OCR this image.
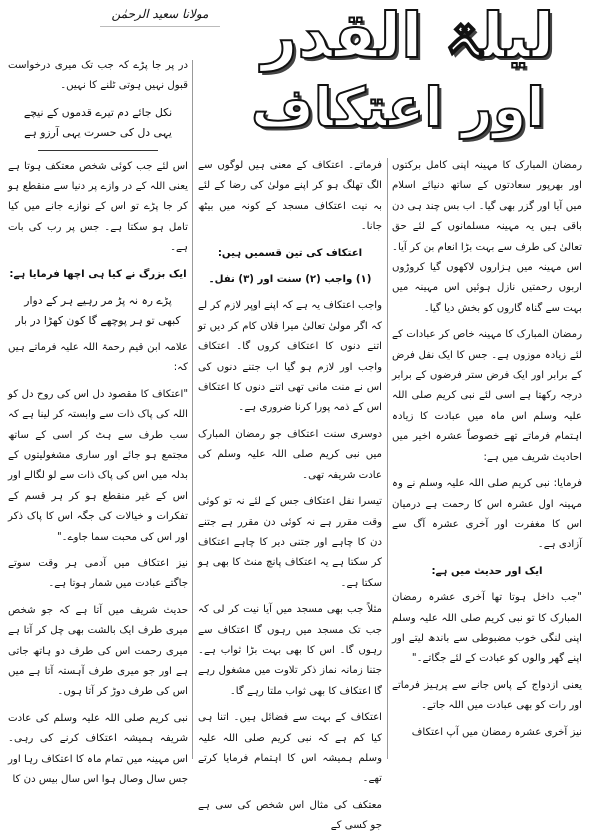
مولانا سعید الرحمٰن لیلۃ القدر
اور اعتکاف

رمضان المبارک کا مہینہ اپنی کامل برکتوں اور بھرپور سعادتوں کے ساتھ دنیائے اسلام میں آیا اور گزر بھی گیا۔ اب بس چند ہی دن باقی ہیں یہ مہینہ مسلمانوں کے لئے حق تعالیٰ کی طرف سے بہت بڑا انعام بن کر آیا۔ اس مہینہ میں ہزاروں لاکھوں گیا کروڑوں اربوں رحمتیں نازل ہوئیں اس مہینہ میں بہت سے گناہ گاروں کو بخش دیا گیا۔

رمضان المبارک کا مہینہ خاص کر عبادات کے لئے زیادہ موزوں ہے۔ جس کا ایک نفل فرض کے برابر اور ایک فرض ستر فرضوں کے برابر درجہ رکھتا ہے اسی لئے نبی کریم صلی اللہ علیہ وسلم اس ماہ میں عبادت کا زیادہ اہتمام فرماتے تھے خصوصاً عشرہ اخیر میں احادیث شریف میں ہے:

فرمایا: نبی کریم صلی اللہ علیہ وسلم نے وہ مہینہ اول عشرہ اس کا رحمت ہے درمیان اس کا مغفرت اور آخری عشرہ آگ سے آزادی ہے۔

ایک اور حدیث میں ہے:

"جب داخل ہوتا تھا آخری عشرہ رمضان المبارک کا تو نبی کریم صلی اللہ علیہ وسلم اپنی لنگی خوب مضبوطی سے باندھ لیتے اور اپنے گھر والوں کو عبادت کے لئے جگاتے۔"

یعنی ازدواج کے پاس جانے سے پرہیز فرماتے اور رات کو بھی عبادت میں اللہ جاتے۔

نیز آخری عشرہ رمضان میں آپ اعتکاف

فرماتے۔ اعتکاف کے معنی ہیں لوگوں سے الگ تھلگ ہو کر اپنے مولیٰ کی رضا کے لئے بہ نیت اعتکاف مسجد کے کونہ میں بیٹھ جانا۔

اعتکاف کی تین قسمیں ہیں:

(۱) واجب (۲) سنت اور (۳) نفل۔

واجب اعتکاف یہ ہے کہ اپنے اوپر لازم کر لے کہ اگر مولیٰ تعالیٰ میرا فلاں کام کر دیں تو اتنے دنوں کا اعتکاف کروں گا۔ اعتکاف واجب اور لازم ہو گیا اب جتنے دنوں کی اس نے منت مانی تھی اتنے دنوں کا اعتکاف اس کے ذمہ پورا کرنا ضروری ہے۔

دوسری سنت اعتکاف جو رمضان المبارک میں نبی کریم صلی اللہ علیہ وسلم کی عادت شریفہ تھی۔

تیسرا نفل اعتکاف جس کے لئے نہ تو کوئی وقت مقرر ہے نہ کوئی دن مقرر ہے جتنے دن کا چاہے اور جتنی دیر کا چاہے اعتکاف کر سکتا ہے یہ اعتکاف پانچ منٹ کا بھی ہو سکتا ہے۔

مثلاً جب بھی مسجد میں آیا نیت کر لی کہ جب تک مسجد میں رہوں گا اعتکاف سے رہوں گا۔ اس کا بھی بہت بڑا ثواب ہے۔ جتنا زمانہ نماز ذکر تلاوت میں مشغول رہے گا اعتکاف کا بھی ثواب ملتا رہے گا۔

اعتکاف کے بہت سے فضائل ہیں۔ اتنا ہی کیا کم ہے کہ نبی کریم صلی اللہ علیہ وسلم ہمیشہ اس کا اہتمام فرمایا کرتے تھے۔

معتکف کی مثال اس شخص کی سی ہے جو کسی کے

در پر جا پڑے کہ جب تک میری درخواست قبول نہیں ہوتی ٹلنے کا نہیں۔

نکل جائے دم تیرے قدموں کے نیچے
یہی دل کی حسرت یہی آرزو ہے

اس لئے جب کوئی شخص معتکف ہوتا ہے یعنی اللہ کے در وازے پر دنیا سے منقطع ہو کر جا پڑے تو اس کے نوازے جانے میں کیا تامل ہو سکتا ہے۔ جس پر رب کی بات ہے۔

ایک بزرگ نے کیا ہی اچھا فرمایا ہے:

پڑے رہ نہ پڑ مر رہیے ہر کے دوار
کبھی تو ہر پوچھے گا کون کھڑا در بار

علامہ ابن قیم رحمۃ اللہ علیہ فرماتے ہیں کہ:

"اعتکاف کا مقصود دل اس کی روح دل کو اللہ کی پاک ذات سے وابستہ کر لینا ہے کہ سب طرف سے ہٹ کر اسی کے ساتھ مجتمع ہو جائے اور ساری مشغولیتوں کے بدلہ میں اس کی پاک ذات سے لو لگالے اور اس کے غیر منقطع ہو کر ہر قسم کے تفکرات و خیالات کی جگہ اس کا پاک ذکر اور اس کی محبت سما جاوے۔"

نیز اعتکاف میں آدمی ہر وقت سوتے جاگتے عبادت میں شمار ہوتا ہے۔

حدیث شریف میں آتا ہے کہ جو شخص میری طرف ایک بالشت بھی چل کر آتا ہے میری رحمت اس کی طرف دو ہاتھ جاتی ہے اور جو میری طرف آہستہ آتا ہے میں اس کی طرف دوڑ کر آتا ہوں۔

نبی کریم صلی اللہ علیہ وسلم کی عادت شریفہ ہمیشہ اعتکاف کرنے کی رہی۔ اس مہینہ میں تمام ماہ کا اعتکاف رہا اور جس سال وصال ہوا اس سال بیس دن کا
